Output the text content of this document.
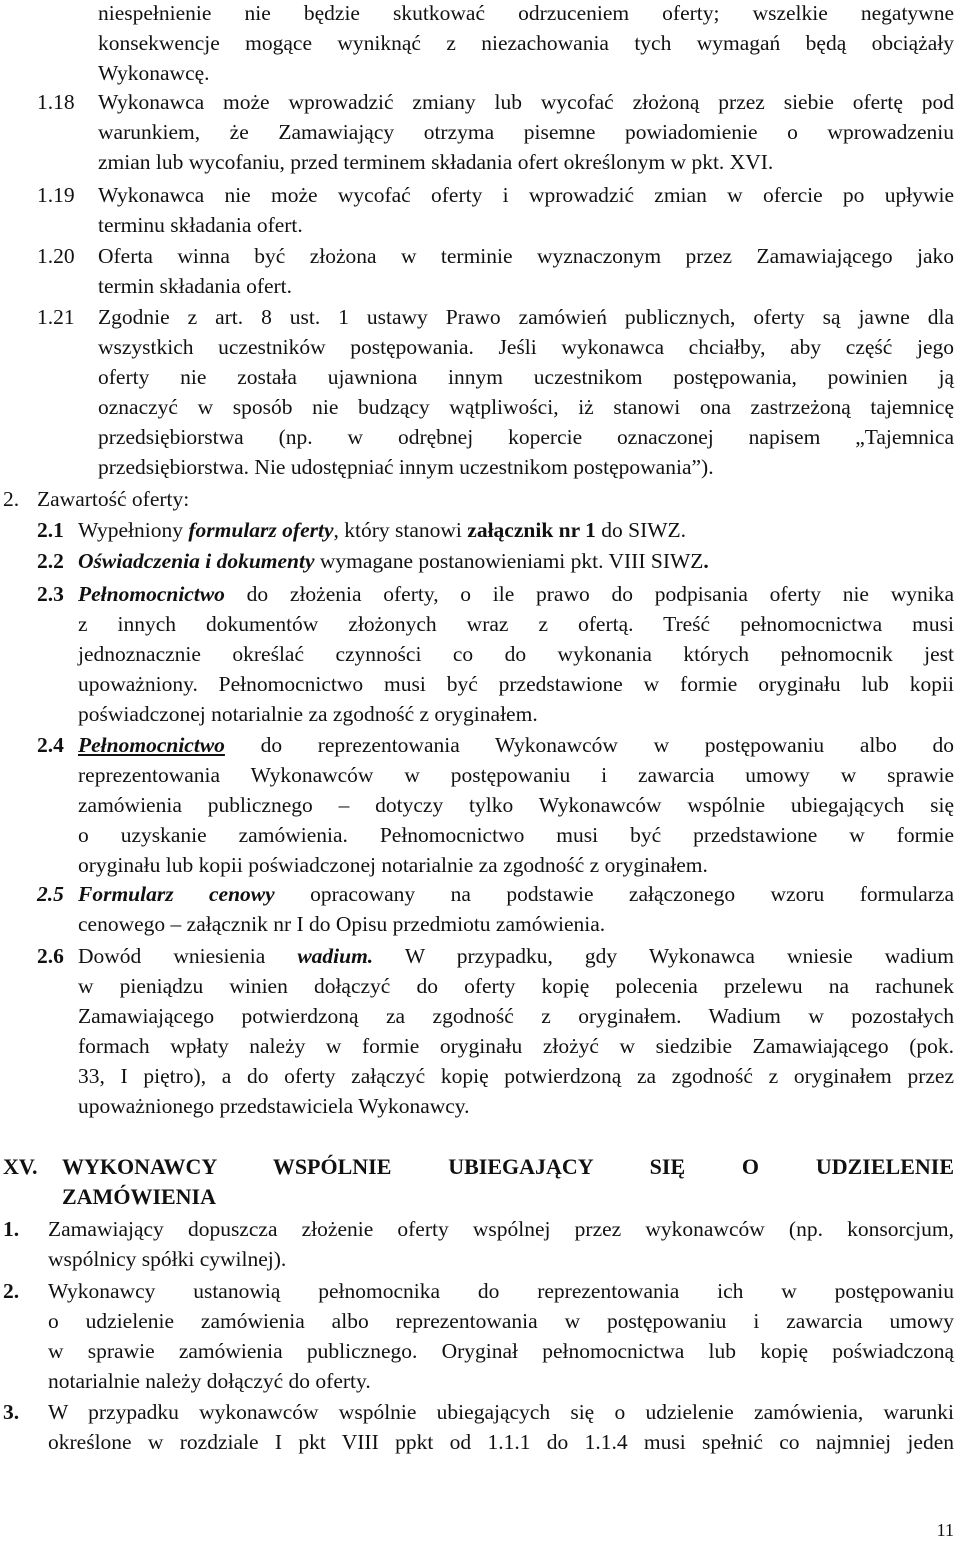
niespełnienie nie będzie skutkować odrzuceniem oferty; wszelkie negatywne
konsekwencje mogące wyniknąć z niezachowania tych wymagań będą obciążały
Wykonawcę.
1.18 Wykonawca może wprowadzić zmiany lub wycofać złożoną przez siebie ofertę pod
warunkiem, że Zamawiający otrzyma pisemne powiadomienie o wprowadzeniu
zmian lub wycofaniu, przed terminem składania ofert określonym w pkt. XVI.
1.19 Wykonawca nie może wycofać oferty i wprowadzić zmian w ofercie po upływie
terminu składania ofert.
1.20 Oferta winna być złożona w terminie wyznaczonym przez Zamawiającego jako
termin składania ofert.
1.21 Zgodnie z art. 8 ust. 1 ustawy Prawo zamówień publicznych, oferty są jawne dla
wszystkich uczestników postępowania. Jeśli wykonawca chciałby, aby część jego
oferty nie została ujawniona innym uczestnikom postępowania, powinien ją
oznaczyć w sposób nie budzący wątpliwości, iż stanowi ona zastrzeżoną tajemnicę
przedsiębiorstwa (np. w odrębnej kopercie oznaczonej napisem „Tajemnica
przedsiębiorstwa. Nie udostępniać innym uczestnikom postępowania”).
2. Zawartość oferty:
2.1 Wypełniony formularz oferty, który stanowi załącznik nr 1 do SIWZ.
2.2 Oświadczenia i dokumenty wymagane postanowieniami pkt. VIII SIWZ.
2.3 Pełnomocnictwo do złożenia oferty, o ile prawo do podpisania oferty nie wynika
z innych dokumentów złożonych wraz z ofertą. Treść pełnomocnictwa musi
jednoznacznie określać czynności co do wykonania których pełnomocnik jest
upoważniony. Pełnomocnictwo musi być przedstawione w formie oryginału lub kopii
poświadczonej notarialnie za zgodność z oryginałem.
2.4 Pełnomocnictwo do reprezentowania Wykonawców w postępowaniu albo do
reprezentowania Wykonawców w postępowaniu i zawarcia umowy w sprawie
zamówienia publicznego – dotyczy tylko Wykonawców wspólnie ubiegających się
o uzyskanie zamówienia. Pełnomocnictwo musi być przedstawione w formie
oryginału lub kopii poświadczonej notarialnie za zgodność z oryginałem.
2.5 Formularz cenowy opracowany na podstawie załączonego wzoru formularza
cenowego – załącznik nr I do Opisu przedmiotu zamówienia.
2.6 Dowód wniesienia wadium. W przypadku, gdy Wykonawca wniesie wadium
w pieniądzu winien dołączyć do oferty kopię polecenia przelewu na rachunek
Zamawiającego potwierdzoną za zgodność z oryginałem. Wadium w pozostałych
formach wpłaty należy w formie oryginału złożyć w siedzibie Zamawiającego (pok.
33, I piętro), a do oferty załączyć kopię potwierdzoną za zgodność z oryginałem przez
upoważnionego przedstawiciela Wykonawcy.
XV. WYKONAWCY WSPÓLNIE UBIEGAJĄCY SIĘ O UDZIELENIE
ZAMÓWIENIA
1. Zamawiający dopuszcza złożenie oferty wspólnej przez wykonawców (np. konsorcjum,
wspólnicy spółki cywilnej).
2. Wykonawcy ustanowią pełnomocnika do reprezentowania ich w postępowaniu
o udzielenie zamówienia albo reprezentowania w postępowaniu i zawarcia umowy
w sprawie zamówienia publicznego. Oryginał pełnomocnictwa lub kopię poświadczoną
notarialnie należy dołączyć do oferty.
3. W przypadku wykonawców wspólnie ubiegających się o udzielenie zamówienia, warunki
określone w rozdziale I pkt VIII ppkt od 1.1.1 do 1.1.4 musi spełnić co najmniej jeden
11
